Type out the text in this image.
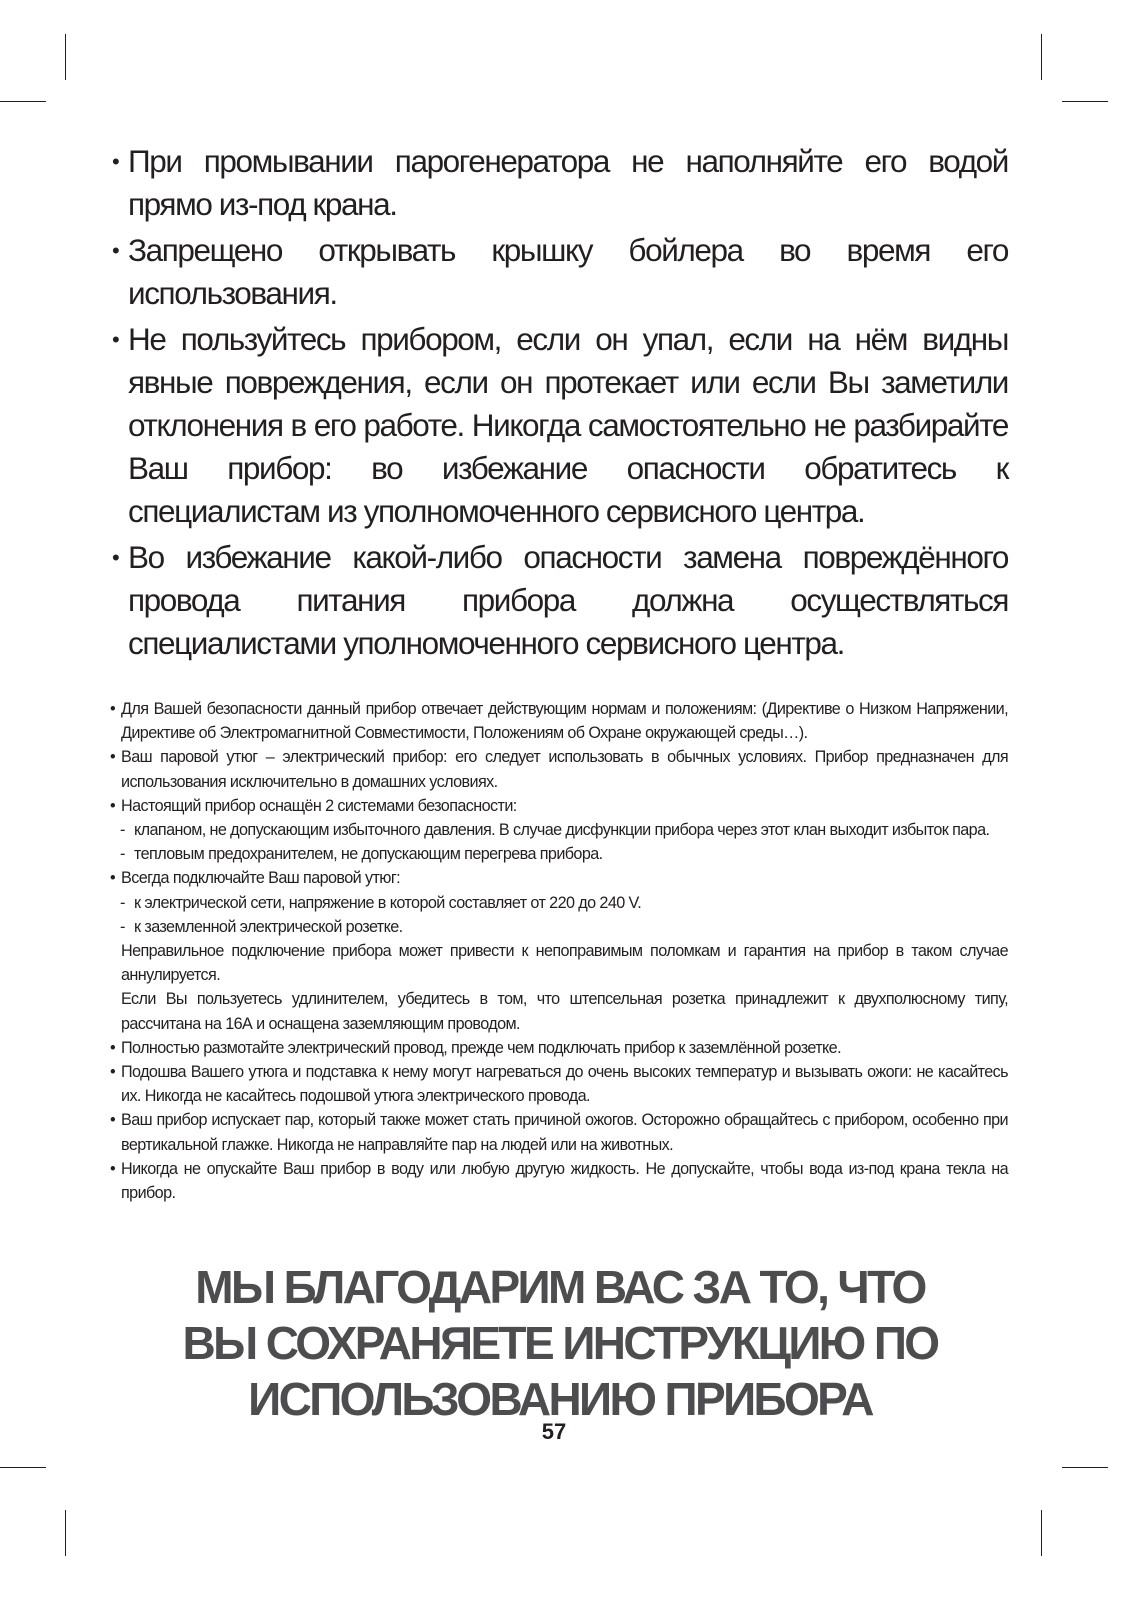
• При промывании парогенератора не наполняйте его водой прямо из-под крана.
• Запрещено открывать крышку бойлера во время его использования.
• Не пользуйтесь прибором, если он упал, если на нём видны явные повреждения, если он протекает или если Вы заметили отклонения в его работе. Никогда самостоятельно не разбирайте Ваш прибор: во избежание опасности обратитесь к специалистам из уполномоченного сервисного центра.
• Во избежание какой-либо опасности замена повреждённого провода питания прибора должна осуществляться специалистами уполномоченного сервисного центра.

• Для Вашей безопасности данный прибор отвечает действующим нормам и положениям: (Директиве о Низком Напряжении, Директиве об Электромагнитной Совместимости, Положениям об Охране окружающей среды…).

• Ваш паровой утюг – электрический прибор: его следует использовать в обычных условиях. Прибор предназначен для использования исключительно в домашних условиях.

• Настоящий прибор оснащён 2 системами безопасности:

- клапаном, не допускающим избыточного давления. В случае дисфункции прибора через этот клан выходит избыток пара.

- тепловым предохранителем, не допускающим перегрева прибора.

• Всегда подключайте Ваш паровой утюг:

- к электрической сети, напряжение в которой составляет от 220 до 240 V.

- к заземленной электрической розетке.

Неправильное подключение прибора может привести к непоправимым поломкам и гарантия на прибор в таком случае аннулируется.

Если Вы пользуетесь удлинителем, убедитесь в том, что штепсельная розетка принадлежит к двухполюсному типу, рассчитана на 16А и оснащена заземляющим проводом.

• Полностью размотайте электрический провод, прежде чем подключать прибор к заземлённой розетке.

• Подошва Вашего утюга и подставка к нему могут нагреваться до очень высоких температур и вызывать ожоги: не касайтесь их. Никогда не касайтесь подошвой утюга электрического провода.

• Ваш прибор испускает пар, который также может стать причиной ожогов. Осторожно обращайтесь с прибором, особенно при вертикальной глажке. Никогда не направляйте пар на людей или на животных.

• Никогда не опускайте Ваш прибор в воду или любую другую жидкость. Не допускайте, чтобы вода из-под крана текла на прибор.

МЫ БЛАГОДАРИМ ВАС ЗА ТО, ЧТО
ВЫ СОХРАНЯЕТЕ ИНСТРУКЦИЮ ПО
ИСПОЛЬЗОВАНИЮ ПРИБОРА
57
